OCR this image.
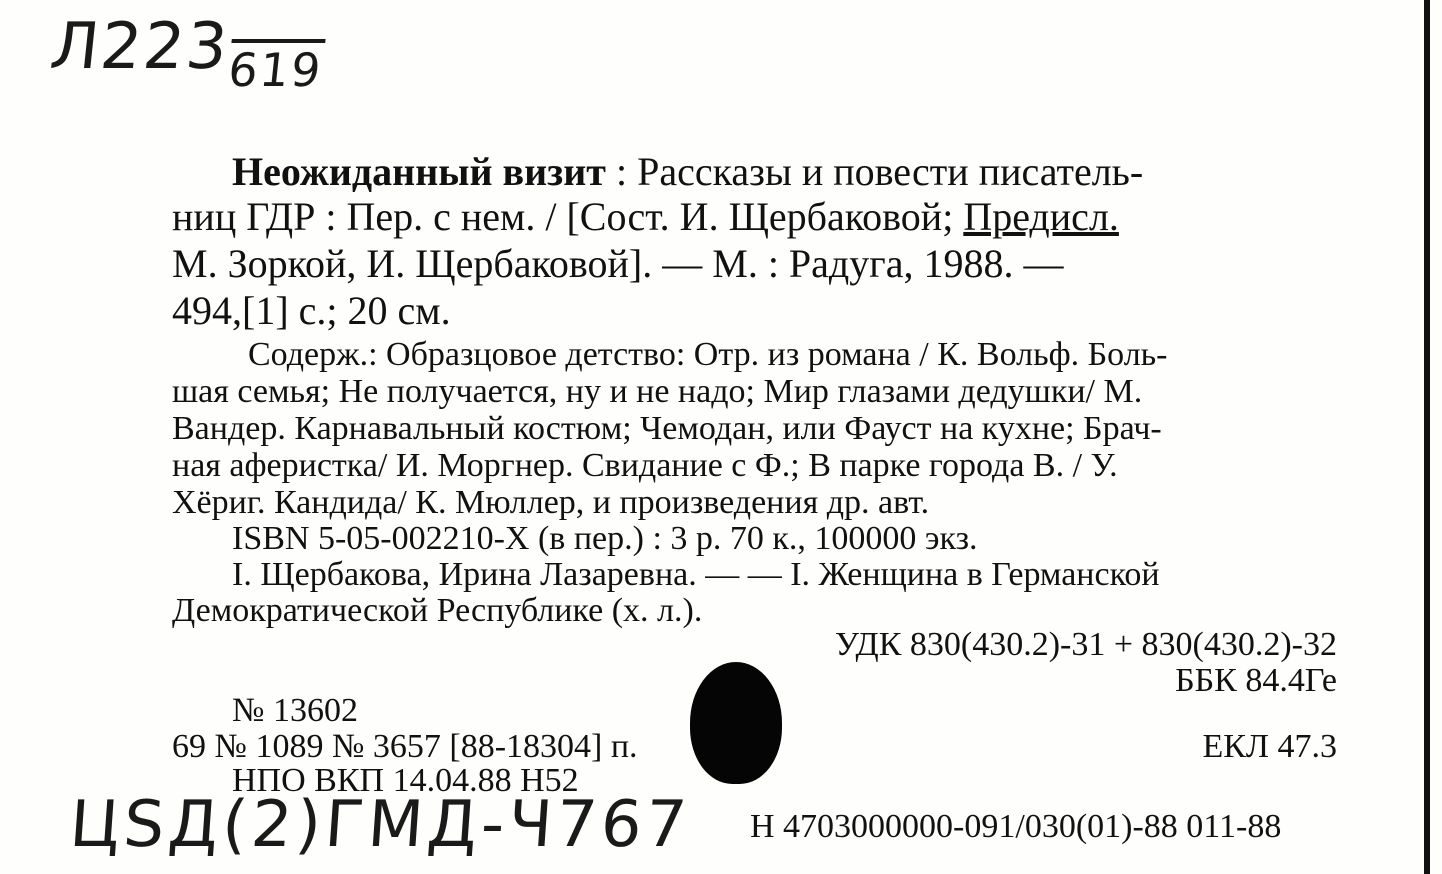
$Л223_{619}$
Неожиданный визит : Рассказы и повести писатель-
ниц ГДР : Пер. с нем. / [Сост. И. Щербаковой; Предисл.
М. Зоркой, И. Щербаковой]. — М. : Радуга, 1988. —
494,[1] с.; 20 см.
Содерж.: Образцовое детство: Отр. из романа / К. Вольф. Боль-
шая семья; Не получается, ну и не надо; Мир глазами дедушки/ М.
Вандер. Карнавальный костюм; Чемодан, или Фауст на кухне; Брач-
ная аферистка/ И. Моргнер. Свидание с Ф.; В парке города В. / У.
Хёриг. Кандида/ К. Мюллер, и произведения др. авт.
ISBN 5-05-002210-X (в пер.) : 3 р. 70 к., 100000 экз.
I. Щербакова, Ирина Лазаревна. — — I. Женщина в Германской
Демократической Республике (х. л.).
УДК 830(430.2)-31 + 830(430.2)-32
ББК 84.4Ге
№ 13602
69 № 1089 № 3657 [88-18304] п.	ЕКЛ 47.3
НПО ВКП 14.04.88 Н52
Н 4703000000-091/030(01)-88 011-88
ЦSД(2)ГМД-Ч767
